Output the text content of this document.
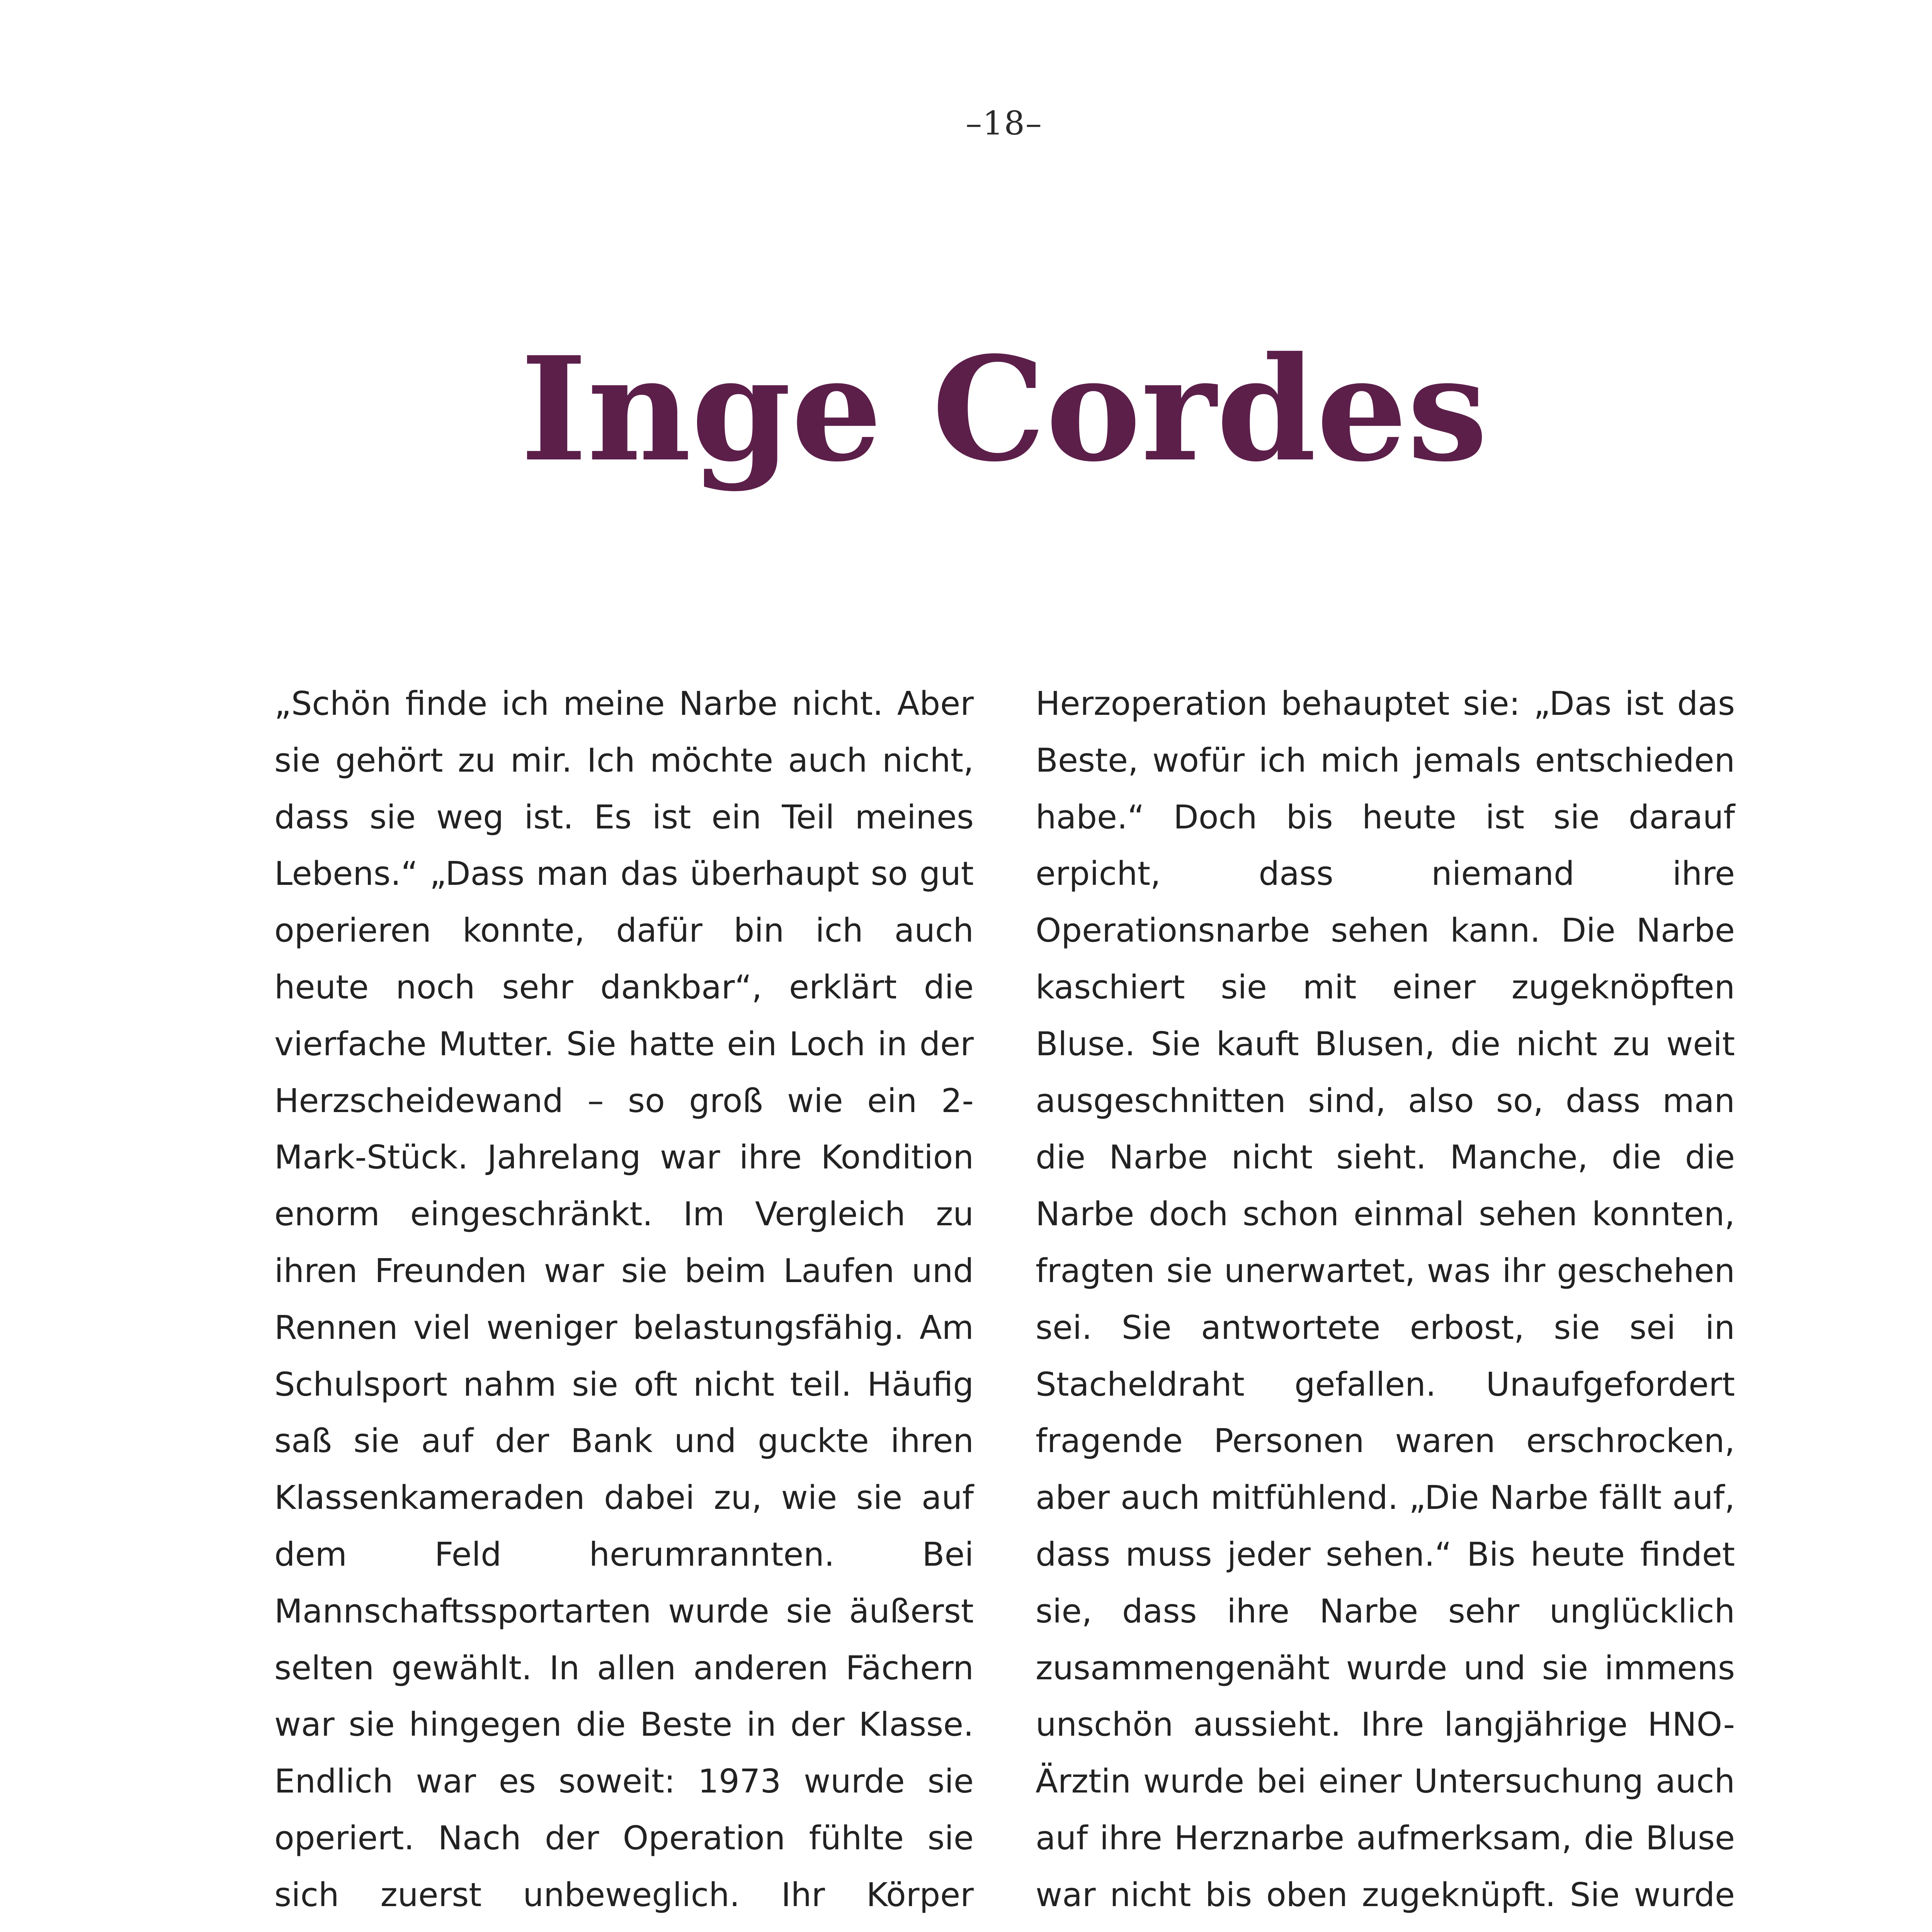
–18–
Inge Cordes

„Schön finde ich meine Narbe nicht. Aber sie gehört zu mir. Ich möchte auch nicht, dass sie weg ist. Es ist ein Teil meines Lebens.“ „Dass man das überhaupt so gut operieren konnte, dafür bin ich auch heute noch sehr dankbar“, erklärt die vierfache Mutter. Sie hatte ein Loch in der Herzscheidewand – so groß wie ein 2-Mark-Stück. Jahrelang war ihre Kondition enorm eingeschränkt. Im Vergleich zu ihren Freunden war sie beim Laufen und Rennen viel weniger belastungsfähig. Am Schulsport nahm sie oft nicht teil. Häufig saß sie auf der Bank und guckte ihren Klassenkameraden dabei zu, wie sie auf dem Feld herumrannten. Bei Mannschaftssportarten wurde sie äußerst selten gewählt. In allen anderen Fächern war sie hingegen die Beste in der Klasse. Endlich war es soweit: 1973 wurde sie operiert. Nach der Operation fühlte sie sich zuerst unbeweglich. Ihr Körper

Herzoperation behauptet sie: „Das ist das Beste, wofür ich mich jemals entschieden habe.“ Doch bis heute ist sie darauf erpicht, dass niemand ihre Operationsnarbe sehen kann. Die Narbe kaschiert sie mit einer zugeknöpften Bluse. Sie kauft Blusen, die nicht zu weit ausgeschnitten sind, also so, dass man die Narbe nicht sieht. Manche, die die Narbe doch schon einmal sehen konnten, fragten sie unerwartet, was ihr geschehen sei. Sie antwortete erbost, sie sei in Stacheldraht gefallen. Unaufgefordert fragende Personen waren erschrocken, aber auch mitfühlend. „Die Narbe fällt auf, dass muss jeder sehen.“ Bis heute findet sie, dass ihre Narbe sehr unglücklich zusammengenäht wurde und sie immens unschön aussieht. Ihre langjährige HNO-Ärztin wurde bei einer Untersuchung auch auf ihre Herznarbe aufmerksam, die Bluse war nicht bis oben zugeknüpft. Sie wurde
